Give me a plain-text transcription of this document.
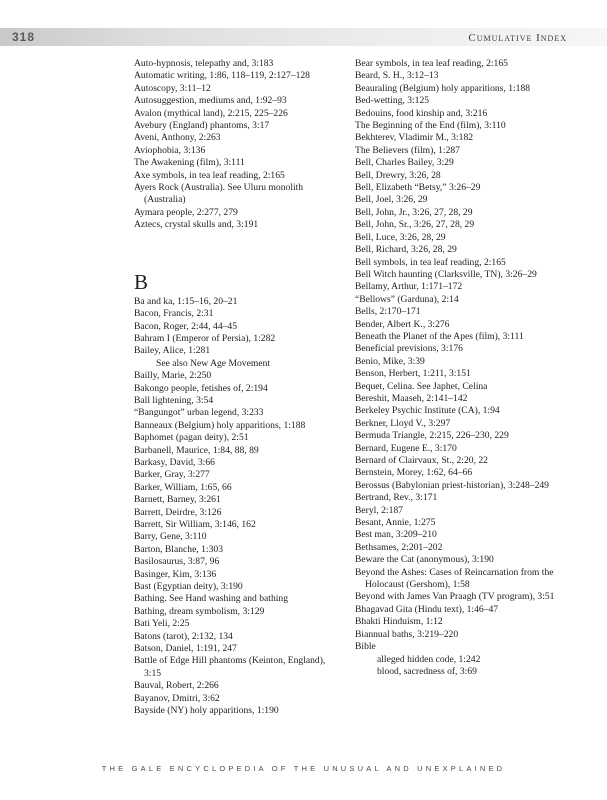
318	Cumulative Index
Auto-hypnosis, telepathy and, 3:183
Automatic writing, 1:86, 118–119, 2:127–128
Autoscopy, 3:11–12
Autosuggestion, mediums and, 1:92–93
Avalon (mythical land), 2:215, 225–226
Avebury (England) phantoms, 3:17
Aveni, Anthony, 2:263
Aviophobia, 3:136
The Awakening (film), 3:111
Axe symbols, in tea leaf reading, 2:165
Ayers Rock (Australia). See Uluru monolith (Australia)
Aymara people, 2:277, 279
Aztecs, crystal skulls and, 3:191
B
Ba and ka, 1:15–16, 20–21
Bacon, Francis, 2:31
Bacon, Roger, 2:44, 44–45
Bahram I (Emperor of Persia), 1:282
Bailey, Alice, 1:281
See also New Age Movement
Bailly, Marie, 2:250
Bakongo people, fetishes of, 2:194
Ball lightening, 3:54
“Bangungot” urban legend, 3:233
Banneaux (Belgium) holy apparitions, 1:188
Baphomet (pagan deity), 2:51
Barbanell, Maurice, 1:84, 88, 89
Barkasy, David, 3:66
Barker, Gray, 3:277
Barker, William, 1:65, 66
Barnett, Barney, 3:261
Barrett, Deirdre, 3:126
Barrett, Sir William, 3:146, 162
Barry, Gene, 3:110
Barton, Blanche, 1:303
Basilosaurus, 3:87, 96
Basinger, Kim, 3:136
Bast (Egyptian deity), 3:190
Bathing. See Hand washing and bathing
Bathing, dream symbolism, 3:129
Bati Yeli, 2:25
Batons (tarot), 2:132, 134
Batson, Daniel, 1:191, 247
Battle of Edge Hill phantoms (Keinton, England), 3:15
Bauval, Robert, 2:266
Bayanov, Dmitri, 3:62
Bayside (NY) holy apparitions, 1:190
Bear symbols, in tea leaf reading, 2:165
Beard, S. H., 3:12–13
Beauraling (Belgium) holy apparitions, 1:188
Bed-wetting, 3:125
Bedouins, food kinship and, 3:216
The Beginning of the End (film), 3:110
Bekhterev, Vladimir M., 3:182
The Believers (film), 1:287
Bell, Charles Bailey, 3:29
Bell, Drewry, 3:26, 28
Bell, Elizabeth “Betsy,” 3:26–29
Bell, Joel, 3:26, 29
Bell, John, Jr., 3:26, 27, 28, 29
Bell, John, Sr., 3:26, 27, 28, 29
Bell, Luce, 3:26, 28, 29
Bell, Richard, 3:26, 28, 29
Bell symbols, in tea leaf reading, 2:165
Bell Witch haunting (Clarksville, TN), 3:26–29
Bellamy, Arthur, 1:171–172
“Bellows” (Garduna), 2:14
Bells, 2:170–171
Bender, Albert K., 3:276
Beneath the Planet of the Apes (film), 3:111
Beneficial previsions, 3:176
Benio, Mike, 3:39
Benson, Herbert, 1:211, 3:151
Bequet, Celina. See Japhet, Celina
Bereshit, Maaseh, 2:141–142
Berkeley Psychic Institute (CA), 1:94
Berkner, Lloyd V., 3:297
Bermuda Triangle, 2:215, 226–230, 229
Bernard, Eugene E., 3:170
Bernard of Clairvaux, St., 2:20, 22
Bernstein, Morey, 1:62, 64–66
Berossus (Babylonian priest-historian), 3:248–249
Bertrand, Rev., 3:171
Beryl, 2:187
Besant, Annie, 1:275
Best man, 3:209–210
Bethsames, 2:201–202
Beware the Cat (anonymous), 3:190
Beyond the Ashes: Cases of Reincarnation from the Holocaust (Gershom), 1:58
Beyond with James Van Praagh (TV program), 3:51
Bhagavad Gita (Hindu text), 1:46–47
Bhakti Hinduism, 1:12
Biannual baths, 3:219–220
Bible
alleged hidden code, 1:242
blood, sacredness of, 3:69
THE GALE ENCYCLOPEDIA OF THE UNUSUAL AND UNEXPLAINED
